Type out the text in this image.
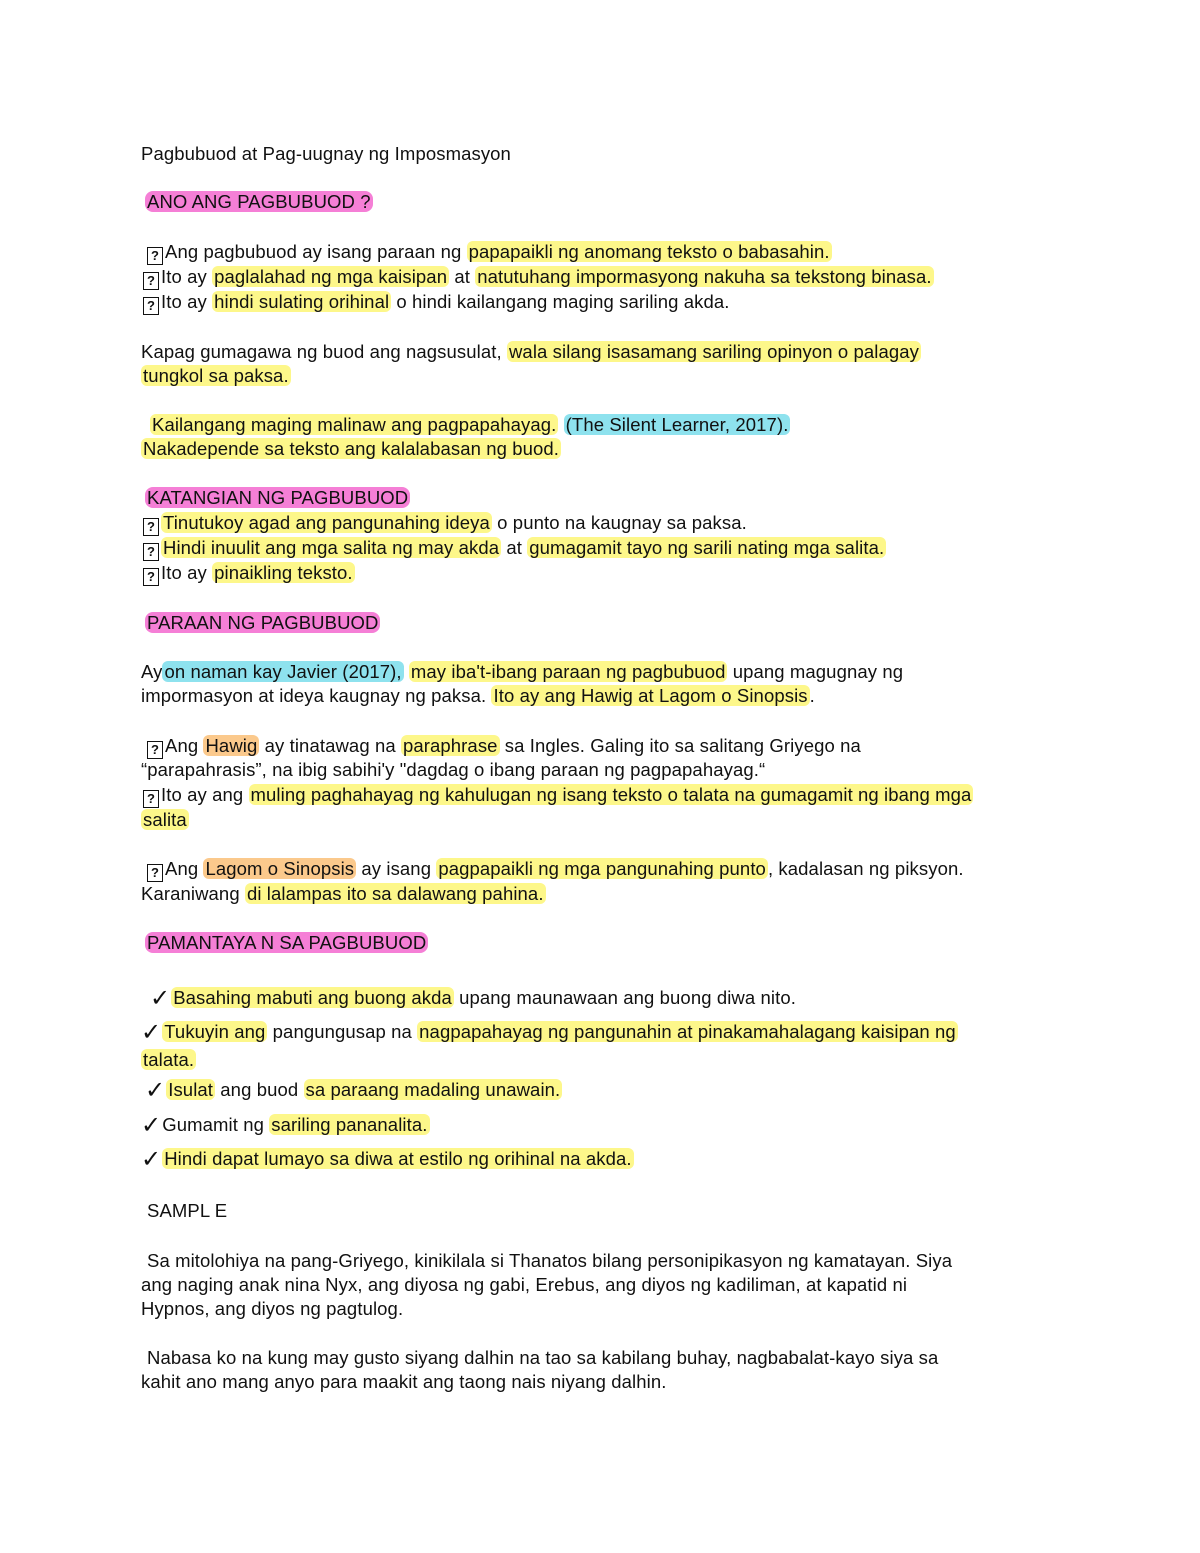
Pagbubuod at Pag-uugnay ng Imposmasyon
ANO ANG PAGBUBUOD ?
? Ang pagbubuod ay isang paraan ng papapaikli ng anomang teksto o babasahin.
? Ito ay paglalahad ng mga kaisipan at natutuhang impormasyong nakuha sa tekstong binasa.
? Ito ay hindi sulating orihinal o hindi kailangang maging sariling akda.
Kapag gumagawa ng buod ang nagsusulat, wala silang isasamang sariling opinyon o palagay
tungkol sa paksa.
Kailangang maging malinaw ang pagpapahayag. (The Silent Learner, 2017).
Nakadepende sa teksto ang kalalabasan ng buod.
KATANGIAN NG PAGBUBUOD
? Tinutukoy agad ang pangunahing ideya o punto na kaugnay sa paksa.
? Hindi inuulit ang mga salita ng may akda at gumagamit tayo ng sarili nating mga salita.
? Ito ay pinaikling teksto.
PARAAN NG PAGBUBUOD
Ay on naman kay Javier (2017), may iba't-ibang paraan ng pagbubuod upang magugnay ng
impormasyon at ideya kaugnay ng paksa. Ito ay ang Hawig at Lagom o Sinopsis .
? Ang Hawig ay tinatawag na paraphrase sa Ingles. Galing ito sa salitang Griyego na
“parapahrasis”, na ibig sabihi'y "dagdag o ibang paraan ng pagpapahayag.“
? Ito ay ang muling paghahayag ng kahulugan ng isang teksto o talata na gumagamit ng ibang mga
salita
? Ang Lagom o Sinopsis ay isang pagpapaikli ng mga pangunahing punto , kadalasan ng piksyon.
Karaniwang di lalampas ito sa dalawang pahina.
PAMANTAYA N SA PAGBUBUOD
✓ Basahing mabuti ang buong akda upang maunawaan ang buong diwa nito.
✓ Tukuyin ang pangungusap na nagpapahayag ng pangunahin at pinakamahalagang kaisipan ng
talata.
✓ Isulat ang buod sa paraang madaling unawain.
✓Gumamit ng sariling pananalita.
✓ Hindi dapat lumayo sa diwa at estilo ng orihinal na akda.
SAMPL E
Sa mitolohiya na pang-Griyego, kinikilala si Thanatos bilang personipikasyon ng kamatayan. Siya
ang naging anak nina Nyx, ang diyosa ng gabi, Erebus, ang diyos ng kadiliman, at kapatid ni
Hypnos, ang diyos ng pagtulog.
Nabasa ko na kung may gusto siyang dalhin na tao sa kabilang buhay, nagbabalat-kayo siya sa
kahit ano mang anyo para maakit ang taong nais niyang dalhin.
